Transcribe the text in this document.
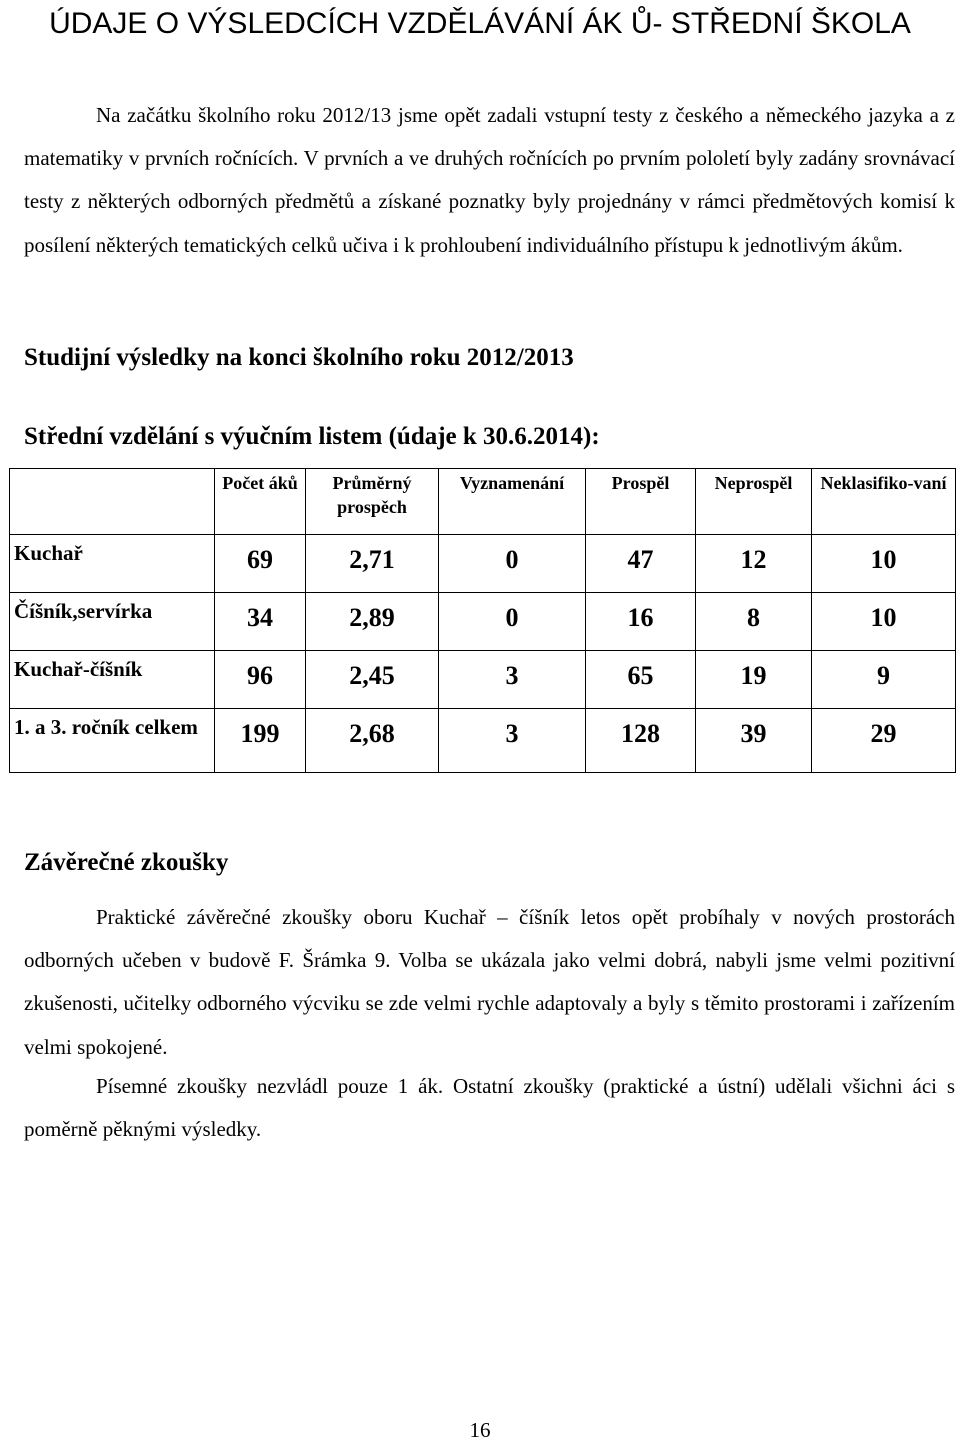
ÚDAJE O VÝSLEDCÍCH VZDĚLÁVÁNÍ ÁK Ů- STŘEDNÍ ŠKOLA

Na začátku školního roku 2012/13 jsme opět zadali vstupní testy z českého a německého jazyka a z matematiky v prvních ročnících. V prvních a ve druhých ročnících po prvním pololetí byly zadány srovnávací testy z některých odborných předmětů a získané poznatky byly projednány v rámci předmětových komisí k posílení některých tematických celků učiva i k prohloubení individuálního přístupu k jednotlivým ákům.

Studijní výsledky na konci školního roku 2012/2013
Střední vzdělání s výučním listem (údaje k 30.6.2014):
	Počet áků	Průměrný prospěch	Vyznamenání	Prospěl	Neprospěl	Neklasifiko-vaní
Kuchař	69	2,71	0	47	12	10
Číšník,servírka	34	2,89	0	16	8	10
Kuchař-číšník	96	2,45	3	65	19	9
1. a 3. ročník celkem	199	2,68	3	128	39	29
Závěrečné zkoušky

Praktické závěrečné zkoušky oboru Kuchař – číšník letos opět probíhaly v nových prostorách odborných učeben v budově F. Šrámka 9. Volba se ukázala jako velmi dobrá, nabyli jsme velmi pozitivní zkušenosti, učitelky odborného výcviku se zde velmi rychle adaptovaly a byly s těmito prostorami i zařízením velmi spokojené.

Písemné zkoušky nezvládl pouze 1 ák. Ostatní zkoušky (praktické a ústní) udělali všichni áci s poměrně pěknými výsledky.

16
